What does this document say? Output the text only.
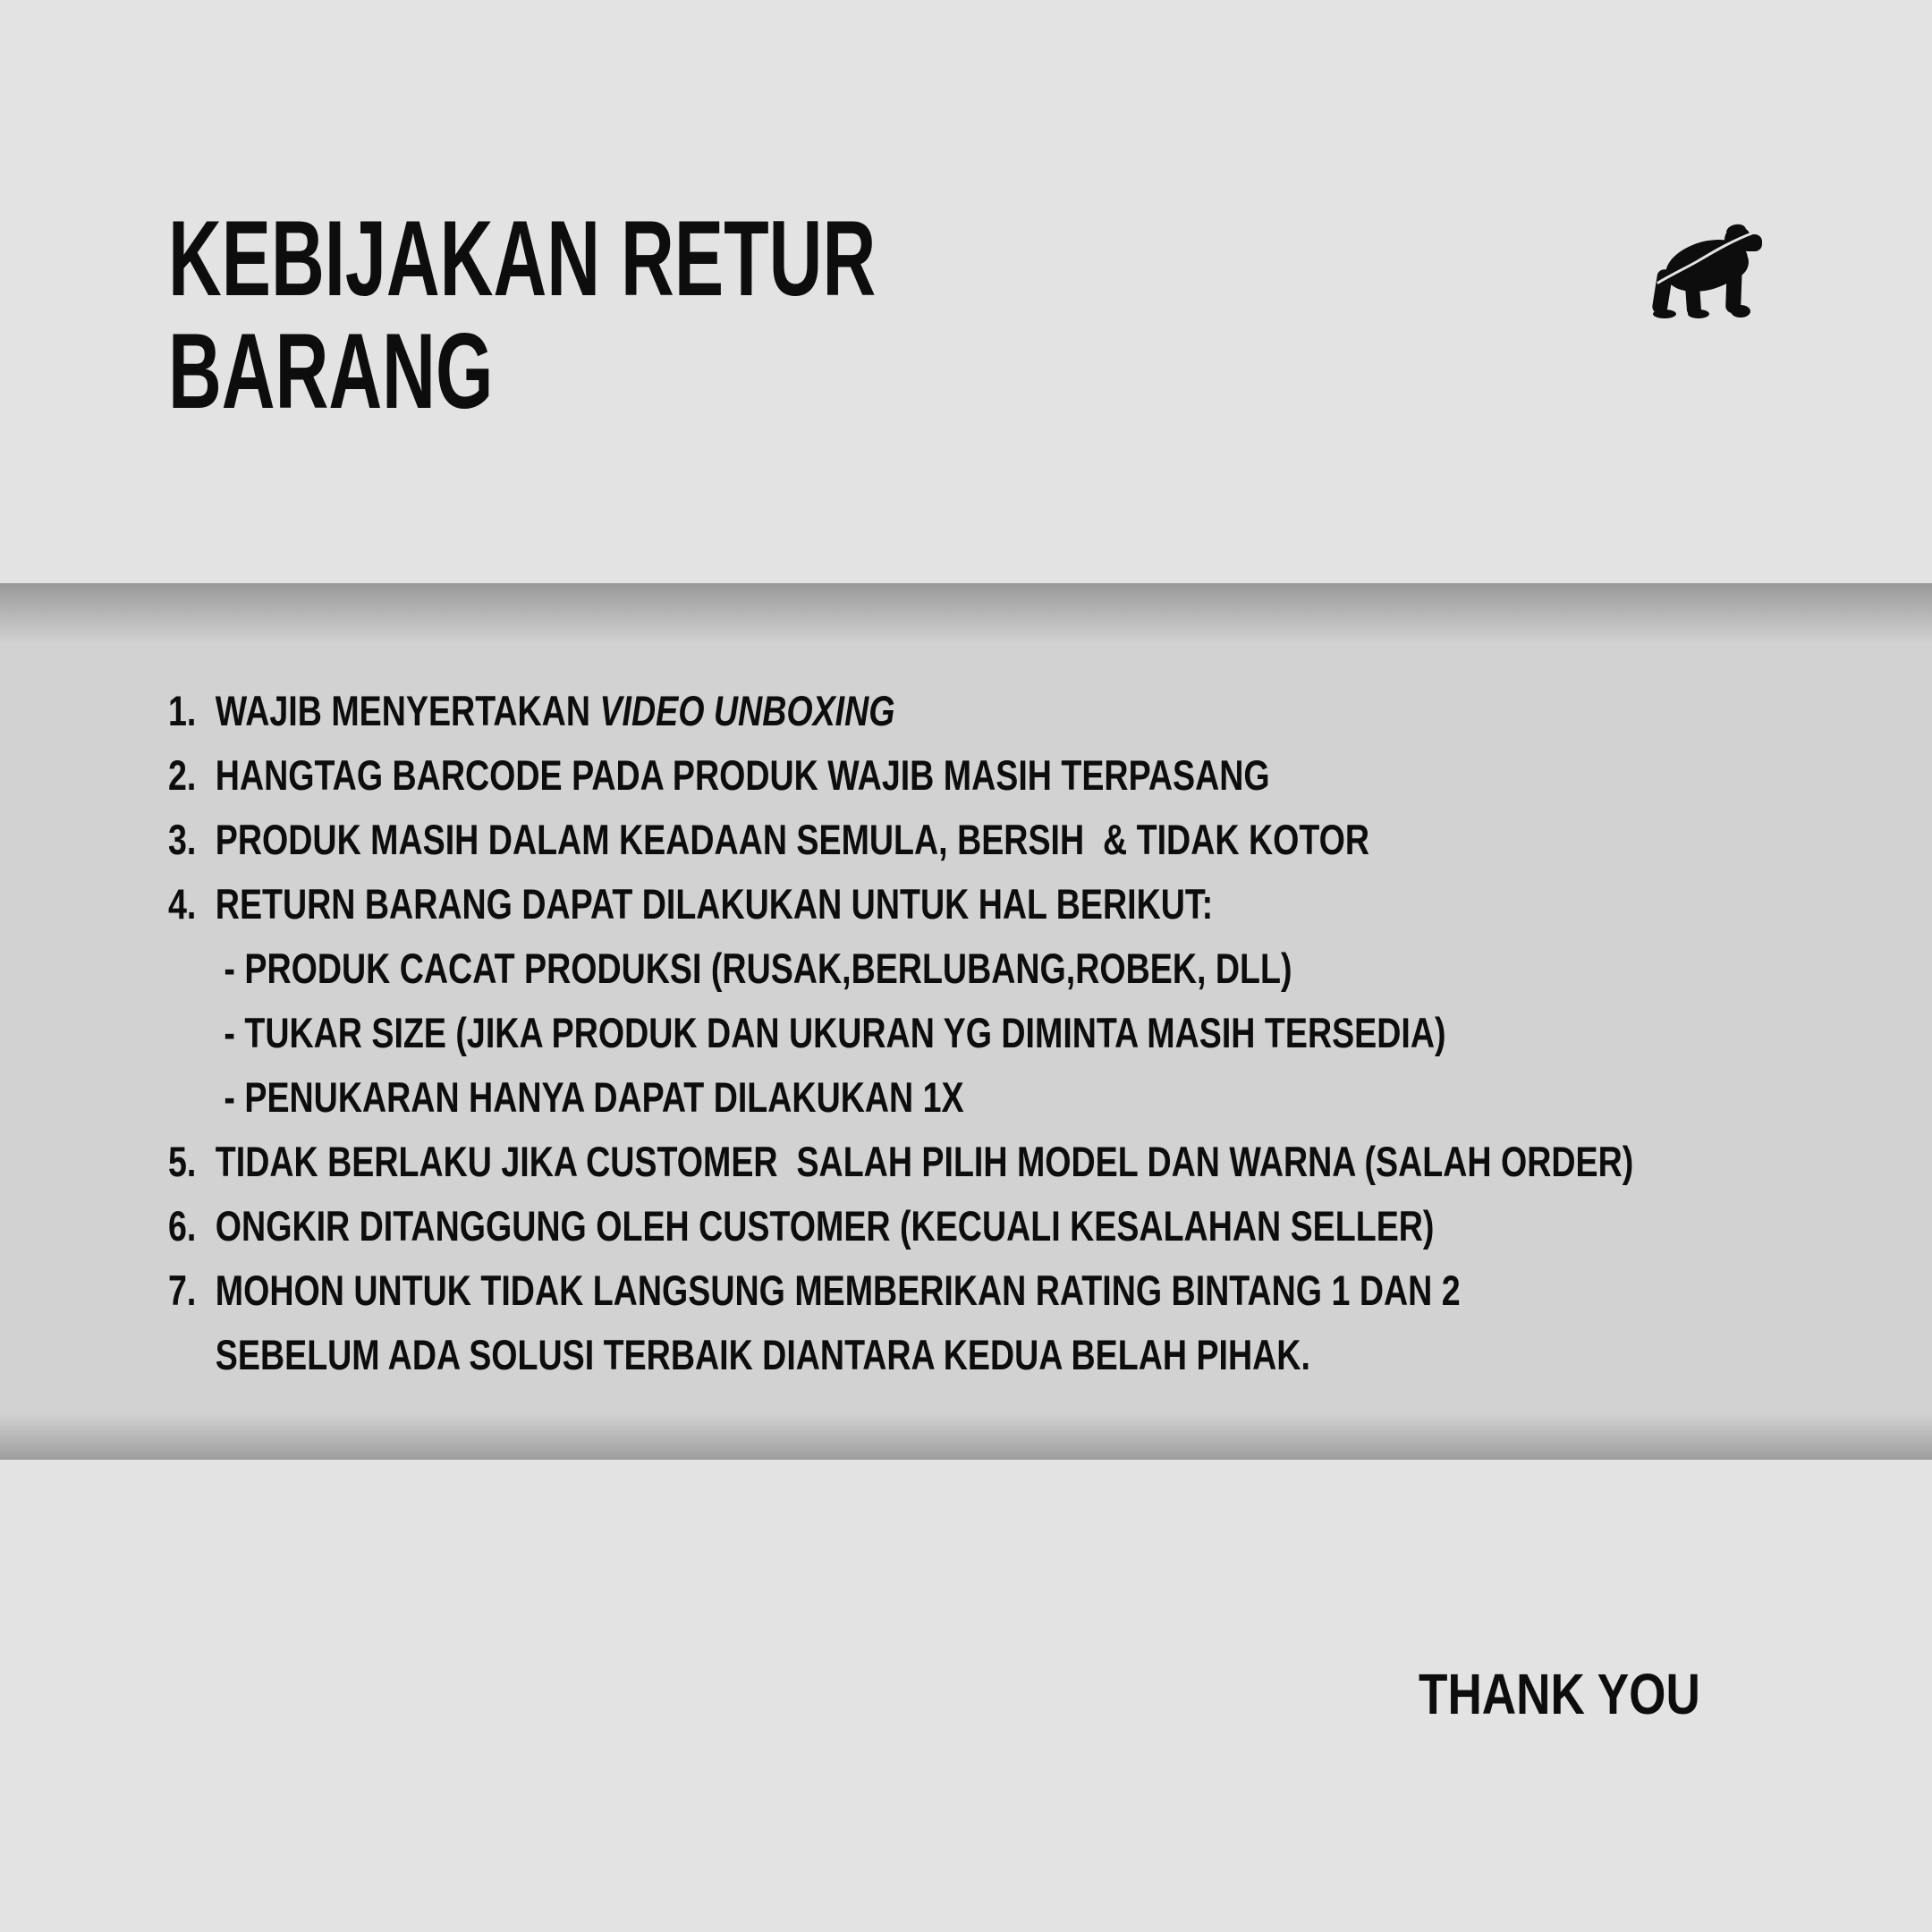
KEBIJAKAN RETUR
BARANG
1. WAJIB MENYERTAKAN VIDEO UNBOXING
2. HANGTAG BARCODE PADA PRODUK WAJIB MASIH TERPASANG
3. PRODUK MASIH DALAM KEADAAN SEMULA, BERSIH  & TIDAK KOTOR
4. RETURN BARANG DAPAT DILAKUKAN UNTUK HAL BERIKUT:
- PRODUK CACAT PRODUKSI (RUSAK,BERLUBANG,ROBEK, DLL)
- TUKAR SIZE (JIKA PRODUK DAN UKURAN YG DIMINTA MASIH TERSEDIA)
- PENUKARAN HANYA DAPAT DILAKUKAN 1X
5. TIDAK BERLAKU JIKA CUSTOMER  SALAH PILIH MODEL DAN WARNA (SALAH ORDER)
6. ONGKIR DITANGGUNG OLEH CUSTOMER (KECUALI KESALAHAN SELLER)
7. MOHON UNTUK TIDAK LANGSUNG MEMBERIKAN RATING BINTANG 1 DAN 2
SEBELUM ADA SOLUSI TERBAIK DIANTARA KEDUA BELAH PIHAK.
THANK YOU
